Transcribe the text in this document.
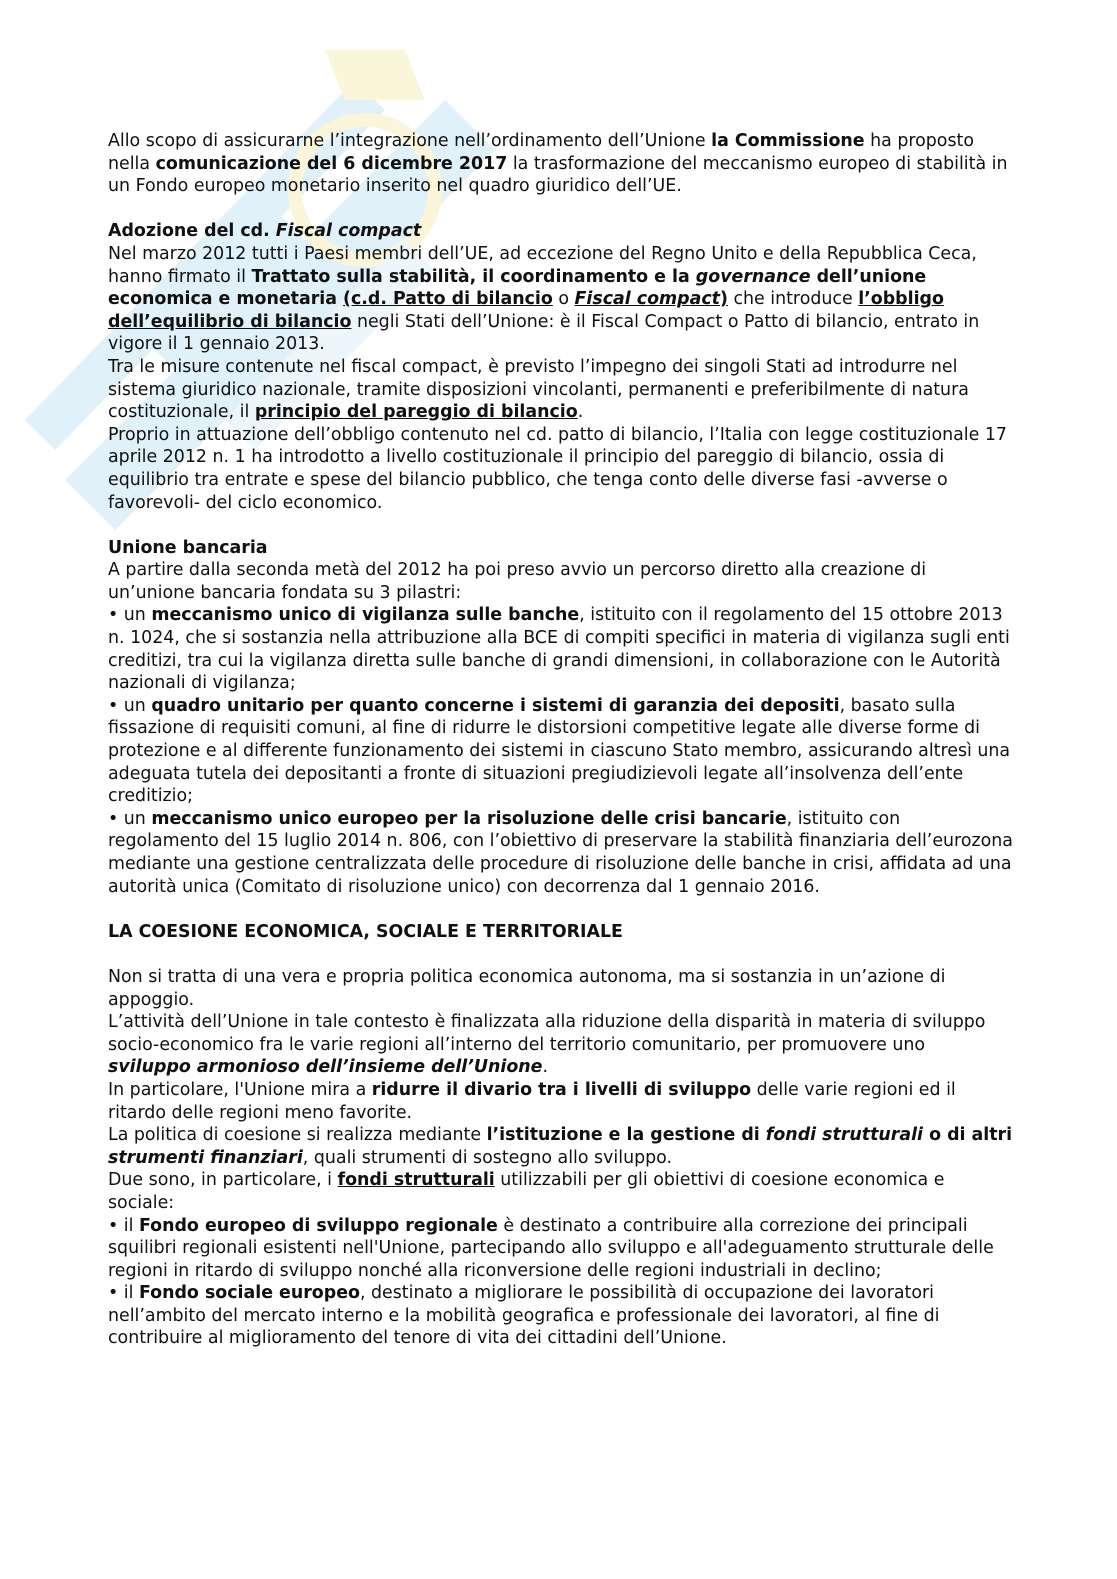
·····

Allo scopo di assicurarne l’integrazione nell’ordinamento dell’Unione la Commissione ha proposto nella comunicazione del 6 dicembre 2017 la trasformazione del meccanismo europeo di stabilità in un Fondo europeo monetario inserito nel quadro giuridico dell’UE.

Adozione del cd. Fiscal compact

Nel marzo 2012 tutti i Paesi membri dell’UE, ad eccezione del Regno Unito e della Repubblica Ceca, hanno firmato il Trattato sulla stabilità, il coordinamento e la governance dell’unione economica e monetaria (c.d. Patto di bilancio o Fiscal compact) che introduce l’obbligo dell’equilibrio di bilancio negli Stati dell’Unione: è il Fiscal Compact o Patto di bilancio, entrato in vigore il 1 gennaio 2013.

Tra le misure contenute nel fiscal compact, è previsto l’impegno dei singoli Stati ad introdurre nel sistema giuridico nazionale, tramite disposizioni vincolanti, permanenti e preferibilmente di natura costituzionale, il principio del pareggio di bilancio.

Proprio in attuazione dell’obbligo contenuto nel cd. patto di bilancio, l’Italia con legge costituzionale 17 aprile 2012 n. 1 ha introdotto a livello costituzionale il principio del pareggio di bilancio, ossia di equilibrio tra entrate e spese del bilancio pubblico, che tenga conto delle diverse fasi -avverse o favorevoli- del ciclo economico.

Unione bancaria

A partire dalla seconda metà del 2012 ha poi preso avvio un percorso diretto alla creazione di un’unione bancaria fondata su 3 pilastri:

• un meccanismo unico di vigilanza sulle banche, istituito con il regolamento del 15 ottobre 2013 n. 1024, che si sostanzia nella attribuzione alla BCE di compiti specifici in materia di vigilanza sugli enti creditizi, tra cui la vigilanza diretta sulle banche di grandi dimensioni, in collaborazione con le Autorità nazionali di vigilanza;

• un quadro unitario per quanto concerne i sistemi di garanzia dei depositi, basato sulla fissazione di requisiti comuni, al fine di ridurre le distorsioni competitive legate alle diverse forme di protezione e al differente funzionamento dei sistemi in ciascuno Stato membro, assicurando altresì una adeguata tutela dei depositanti a fronte di situazioni pregiudizievoli legate all’insolvenza dell’ente creditizio;

• un meccanismo unico europeo per la risoluzione delle crisi bancarie, istituito con regolamento del 15 luglio 2014 n. 806, con l’obiettivo di preservare la stabilità finanziaria dell’eurozona mediante una gestione centralizzata delle procedure di risoluzione delle banche in crisi, affidata ad una autorità unica (Comitato di risoluzione unico) con decorrenza dal 1 gennaio 2016.

LA COESIONE ECONOMICA, SOCIALE E TERRITORIALE

Non si tratta di una vera e propria politica economica autonoma, ma si sostanzia in un’azione di appoggio.

L’attività dell’Unione in tale contesto è finalizzata alla riduzione della disparità in materia di sviluppo socio-economico fra le varie regioni all’interno del territorio comunitario, per promuovere uno sviluppo armonioso dell’insieme dell’Unione.

In particolare, l'Unione mira a ridurre il divario tra i livelli di sviluppo delle varie regioni ed il ritardo delle regioni meno favorite.

La politica di coesione si realizza mediante l’istituzione e la gestione di fondi strutturali o di altri strumenti finanziari, quali strumenti di sostegno allo sviluppo.

Due sono, in particolare, i fondi strutturali utilizzabili per gli obiettivi di coesione economica e sociale:

• il Fondo europeo di sviluppo regionale è destinato a contribuire alla correzione dei principali squilibri regionali esistenti nell'Unione, partecipando allo sviluppo e all'adeguamento strutturale delle regioni in ritardo di sviluppo nonché alla riconversione delle regioni industriali in declino;

• il Fondo sociale europeo, destinato a migliorare le possibilità di occupazione dei lavoratori nell’ambito del mercato interno e la mobilità geografica e professionale dei lavoratori, al fine di contribuire al miglioramento del tenore di vita dei cittadini dell’Unione.
